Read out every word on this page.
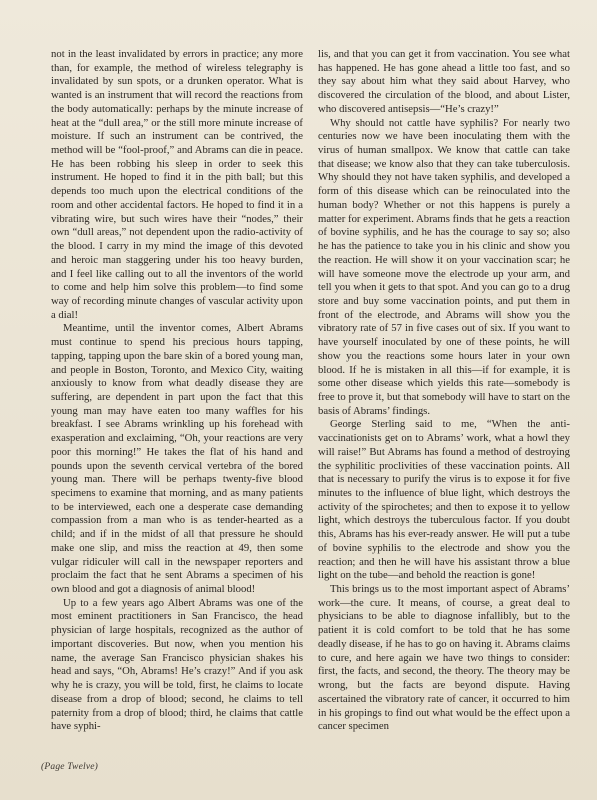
not in the least invalidated by errors in practice; any more than, for example, the method of wireless telegraphy is invalidated by sun spots, or a drunken operator. What is wanted is an instrument that will record the reactions from the body automatically: perhaps by the minute increase of heat at the “dull area,” or the still more minute increase of moisture. If such an instrument can be contrived, the method will be “fool-proof,” and Abrams can die in peace. He has been robbing his sleep in order to seek this instrument. He hoped to find it in the pith ball; but this depends too much upon the electrical conditions of the room and other accidental factors. He hoped to find it in a vibrating wire, but such wires have their “nodes,” their own “dull areas,” not dependent upon the radio-activity of the blood. I carry in my mind the image of this devoted and heroic man staggering under his too heavy burden, and I feel like calling out to all the inventors of the world to come and help him solve this problem—to find some way of recording minute changes of vascular activity upon a dial!

Meantime, until the inventor comes, Albert Abrams must continue to spend his precious hours tapping, tapping, tapping upon the bare skin of a bored young man, and people in Boston, Toronto, and Mexico City, waiting anxiously to know from what deadly disease they are suffering, are dependent in part upon the fact that this young man may have eaten too many waffles for his breakfast. I see Abrams wrinkling up his forehead with exasperation and exclaiming, “Oh, your reactions are very poor this morning!” He takes the flat of his hand and pounds upon the seventh cervical vertebra of the bored young man. There will be perhaps twenty-five blood specimens to examine that morning, and as many patients to be interviewed, each one a desperate case demanding compassion from a man who is as tender-hearted as a child; and if in the midst of all that pressure he should make one slip, and miss the reaction at 49, then some vulgar ridiculer will call in the newspaper reporters and proclaim the fact that he sent Abrams a specimen of his own blood and got a diagnosis of animal blood!

Up to a few years ago Albert Abrams was one of the most eminent practitioners in San Francisco, the head physician of large hospitals, recognized as the author of important discoveries. But now, when you mention his name, the average San Francisco physician shakes his head and says, “Oh, Abrams! He’s crazy!” And if you ask why he is crazy, you will be told, first, he claims to locate disease from a drop of blood; second, he claims to tell paternity from a drop of blood; third, he claims that cattle have syphi-

lis, and that you can get it from vaccination. You see what has happened. He has gone ahead a little too fast, and so they say about him what they said about Harvey, who discovered the circulation of the blood, and about Lister, who discovered antisepsis—“He’s crazy!”

Why should not cattle have syphilis? For nearly two centuries now we have been inoculating them with the virus of human smallpox. We know that cattle can take that disease; we know also that they can take tuberculosis. Why should they not have taken syphilis, and developed a form of this disease which can be reinoculated into the human body? Whether or not this happens is purely a matter for experiment. Abrams finds that he gets a reaction of bovine syphilis, and he has the courage to say so; also he has the patience to take you in his clinic and show you the reaction. He will show it on your vaccination scar; he will have someone move the electrode up your arm, and tell you when it gets to that spot. And you can go to a drug store and buy some vaccination points, and put them in front of the electrode, and Abrams will show you the vibratory rate of 57 in five cases out of six. If you want to have yourself inoculated by one of these points, he will show you the reactions some hours later in your own blood. If he is mistaken in all this—if for example, it is some other disease which yields this rate—somebody is free to prove it, but that somebody will have to start on the basis of Abrams’ findings.

George Sterling said to me, “When the anti-vaccinationists get on to Abrams’ work, what a howl they will raise!” But Abrams has found a method of destroying the syphilitic proclivities of these vaccination points. All that is necessary to purify the virus is to expose it for five minutes to the influence of blue light, which destroys the activity of the spirochetes; and then to expose it to yellow light, which destroys the tuberculous factor. If you doubt this, Abrams has his ever-ready answer. He will put a tube of bovine syphilis to the electrode and show you the reaction; and then he will have his assistant throw a blue light on the tube—and behold the reaction is gone!

This brings us to the most important aspect of Abrams’ work—the cure. It means, of course, a great deal to physicians to be able to diagnose infallibly, but to the patient it is cold comfort to be told that he has some deadly disease, if he has to go on having it. Abrams claims to cure, and here again we have two things to consider: first, the facts, and second, the theory. The theory may be wrong, but the facts are beyond dispute. Having ascertained the vibratory rate of cancer, it occurred to him in his gropings to find out what would be the effect upon a cancer specimen

(Page Twelve)
